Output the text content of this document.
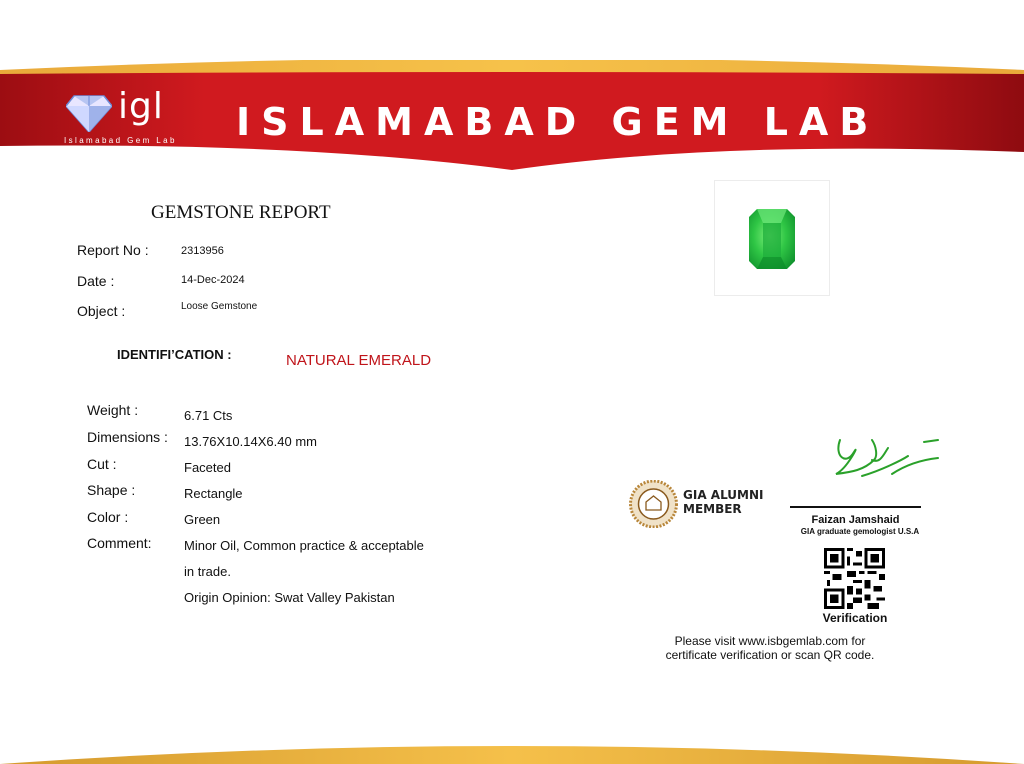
igl
Islamabad Gem Lab ISLAMABAD GEM LAB
GEMSTONE REPORT
Report No :	2313956
Date :	14-Dec-2024
Object :	Loose Gemstone
IDENTIFI’CATION :	NATURAL EMERALD
Weight :	6.71 Cts
Dimensions : 13.76X10.14X6.40 mm
Cut :	Faceted
Shape :	Rectangle
Color :	Green
Comment: Minor Oil, Common practice & acceptable
in trade.
Origin Opinion: Swat Valley Pakistan
GIA ALUMNI
MEMBER
Faizan Jamshaid
GIA graduate gemologist U.S.A
Verification
Please visit www.isbgemlab.com for
certificate verification or scan QR code.
